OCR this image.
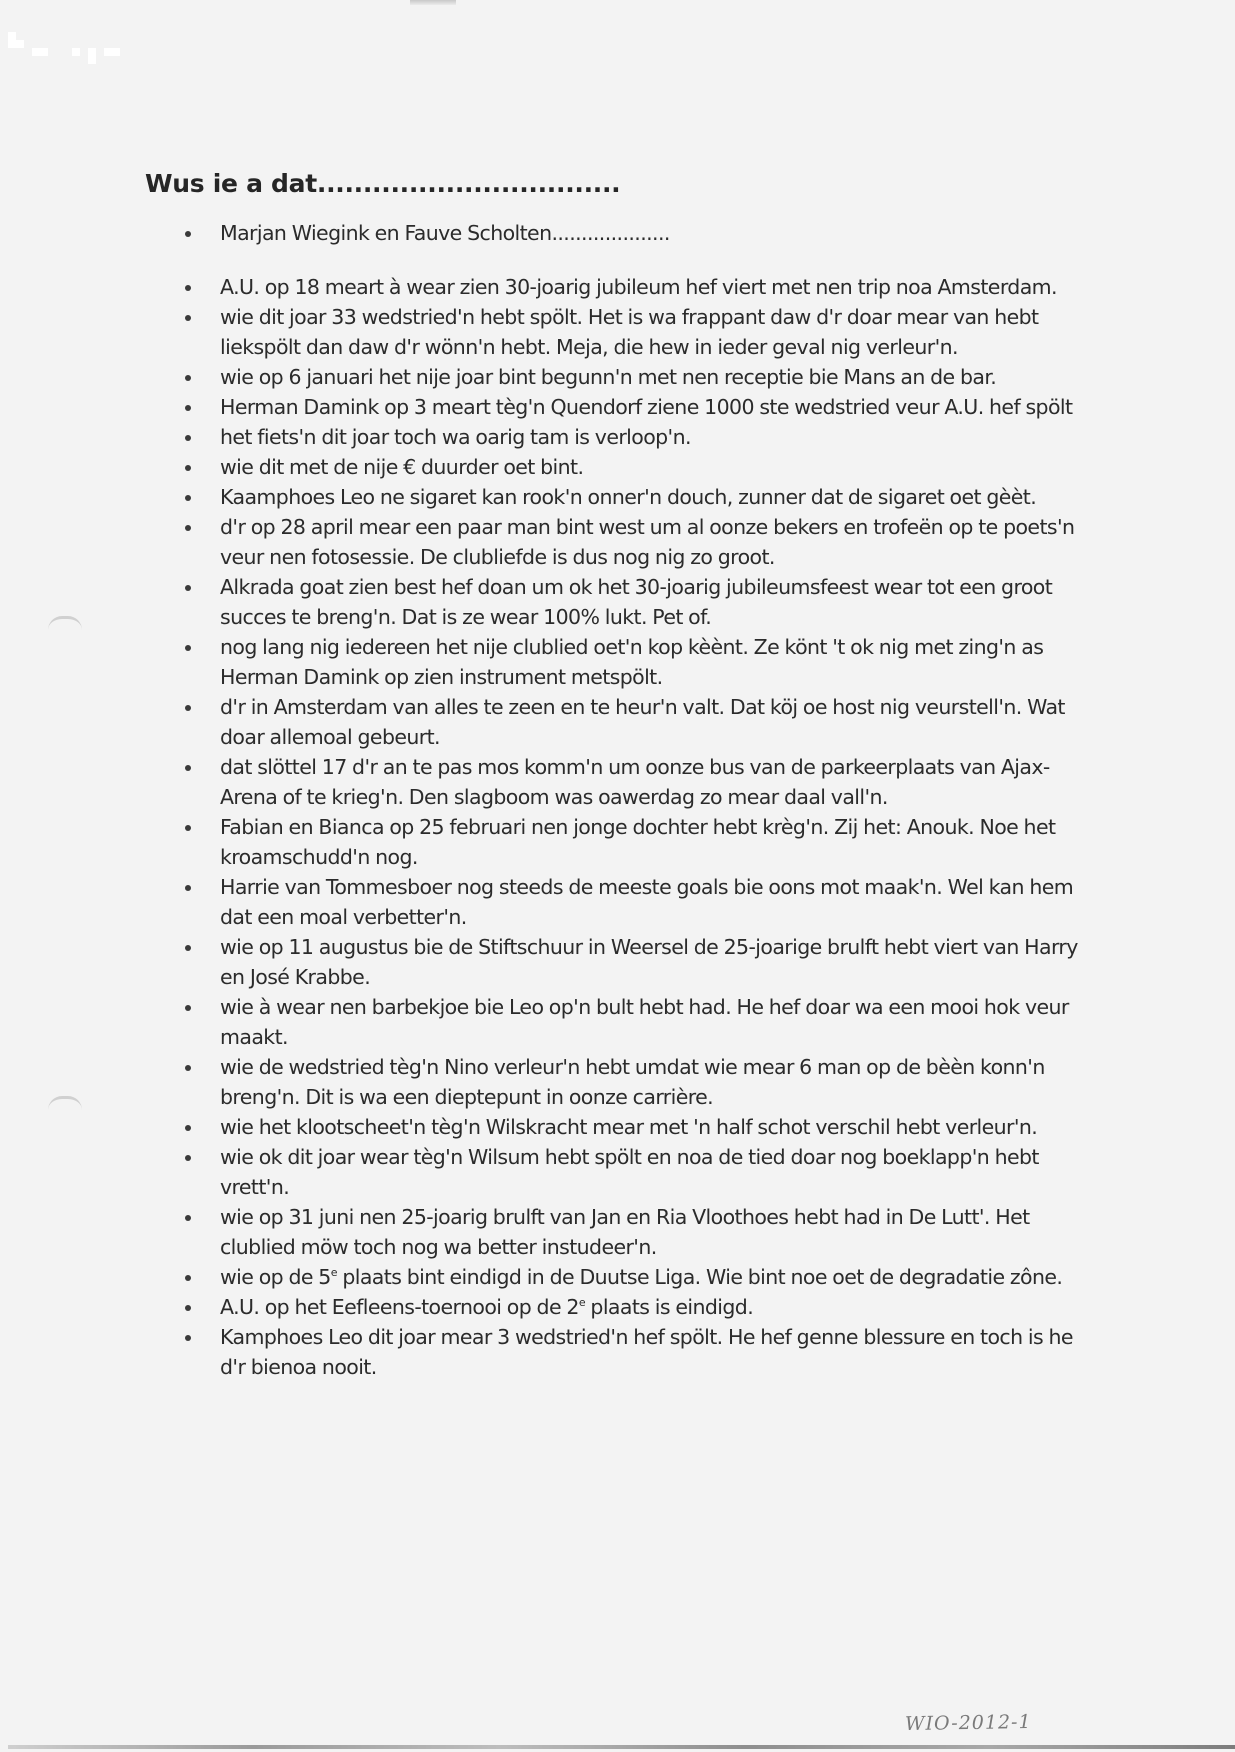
Wus ie a dat.................................
Marjan Wiegink en Fauve Scholten....................
A.U. op 18 meart à wear zien 30-joarig jubileum hef viert met nen trip noa Amsterdam.
wie dit joar 33 wedstried'n hebt spölt. Het is wa frappant daw d'r doar mear van hebt liekspölt dan daw d'r wönn'n hebt. Meja, die hew in ieder geval nig verleur'n.
wie op 6 januari het nije joar bint begunn'n met nen receptie bie Mans an de bar.
Herman Damink op 3 meart tèg'n Quendorf ziene 1000 ste wedstried veur A.U. hef spölt
het fiets'n dit joar toch wa oarig tam is verloop'n.
wie dit met de nije € duurder oet bint.
Kaamphoes Leo ne sigaret kan rook'n onner'n douch, zunner dat de sigaret oet gèèt.
d'r op 28 april mear een paar man bint west um al oonze bekers en trofeën op te poets'n veur nen fotosessie. De clubliefde is dus nog nig zo groot.
Alkrada goat zien best hef doan um ok het 30-joarig jubileumsfeest wear tot een groot succes te breng'n. Dat is ze wear 100% lukt. Pet of.
nog lang nig iedereen het nije clublied oet'n kop kèènt. Ze könt 't ok nig met zing'n as Herman Damink op zien instrument metspölt.
d'r in Amsterdam van alles te zeen en te heur'n valt. Dat köj oe host nig veurstell'n. Wat doar allemoal gebeurt.
dat slöttel 17 d'r an te pas mos komm'n um oonze bus van de parkeerplaats van Ajax-Arena of te krieg'n. Den slagboom was oawerdag zo mear daal vall'n.
Fabian en Bianca op 25 februari nen jonge dochter hebt krèg'n. Zij het: Anouk. Noe het kroamschudd'n nog.
Harrie van Tommesboer nog steeds de meeste goals bie oons mot maak'n. Wel kan hem dat een moal verbetter'n.
wie op 11 augustus bie de Stiftschuur in Weersel de 25-joarige brulft hebt viert van Harry en José Krabbe.
wie à wear nen barbekjoe bie Leo op'n bult hebt had. He hef doar wa een mooi hok veur maakt.
wie de wedstried tèg'n Nino verleur'n hebt umdat wie mear 6 man op de bèèn konn'n breng'n. Dit is wa een dieptepunt in oonze carrière.
wie het klootscheet'n tèg'n Wilskracht mear met 'n half schot verschil hebt verleur'n.
wie ok dit joar wear tèg'n Wilsum hebt spölt en noa de tied doar nog boeklapp'n hebt vrett'n.
wie op 31 juni nen 25-joarig brulft van Jan en Ria Vloothoes hebt had in De Lutt'. Het clublied möw toch nog wa better instudeer'n.
wie op de 5e plaats bint eindigd in de Duutse Liga. Wie bint noe oet de degradatie zône.
A.U. op het Eefleens-toernooi op de 2e plaats is eindigd.
Kamphoes Leo dit joar mear 3 wedstried'n hef spölt. He hef genne blessure en toch is he d'r bienoa nooit.
WIO-2012-1
